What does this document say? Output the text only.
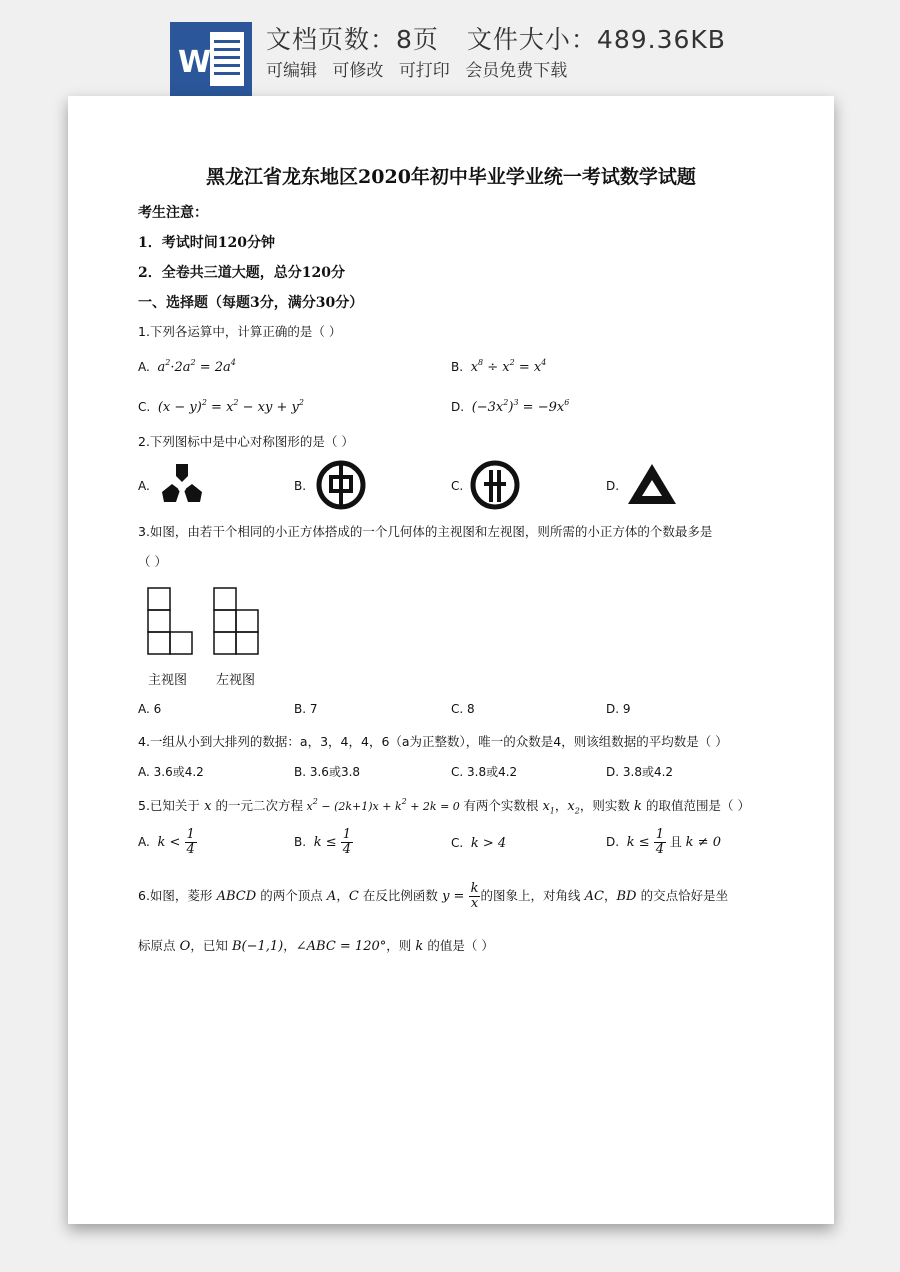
W
文档页数：8页 文件大小：489.36KB
可编辑 可修改 可打印 会员免费下载
黑龙江省龙东地区2020年初中毕业学业统一考试数学试题
考生注意：
1．考试时间120分钟
2．全卷共三道大题，总分120分
一、选择题（每题3分，满分30分）
1.下列各运算中，计算正确的是（ ）
A.  $a^2\cdot 2a^2 = 2a^4$	B.  $x^8 \div x^2 = x^4$
C.  $(x - y)^2 = x^2$ − xy + $y^2$	D.  $(-3x^2)^3 = -9x^6$
2.下列图标中是中心对称图形的是（ ）
A.	B.	C.	D.
3.如图，由若干个相同的小正方体搭成的一个几何体的主视图和左视图，则所需的小正方体的个数最多是
（ ）
主视图 左视图
A. 6	B. 7	C. 8	D. 9
4.一组从小到大排列的数据：a，3，4，4，6（a为正整数），唯一的众数是4，则该组数据的平均数是（ ）
A. 3.6或4.2	B. 3.6或3.8	C. 3.8或4.2	D. 3.8或4.2
5.已知关于 x 的一元二次方程 $x^2 - (2k+1)x + k^2 + 2k = 0$ 有两个实数根 $x_1$，$x_2$，则实数 k 的取值范围是（ ）
A.  $k < \frac{1}{4}$	B.  $k \le \frac{1}{4}$	C.  k > 4	D.  $k \le \frac{1}{4}$ 且 k ≠ 0
6.如图，菱形 ABCD 的两个顶点 A，C 在反比例函数 $y = \frac{k}{x}$ 的图象上，对角线 AC，BD 的交点恰好是坐
标原点 O，已知 B(−1,1)，∠ABC = 120°，则 k 的值是（ ）
